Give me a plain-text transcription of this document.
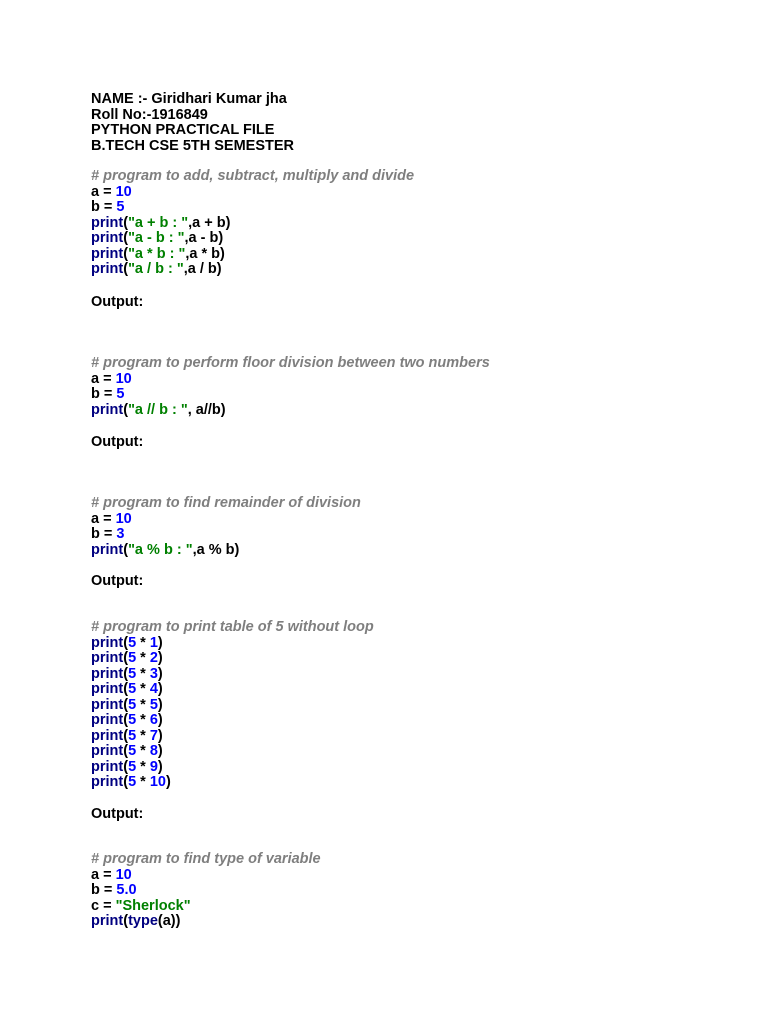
NAME :- Giridhari Kumar jha
Roll No:-1916849
PYTHON PRACTICAL FILE
B.TECH CSE 5TH SEMESTER
# program to add, subtract, multiply and divide
a = 10
b = 5
print("a + b : ",a + b)
print("a - b : ",a - b)
print("a * b : ",a * b)
print("a / b : ",a / b)
Output:
# program to perform floor division between two numbers
a = 10
b = 5
print("a // b : ", a//b)
Output:
# program to find remainder of division
a = 10
b = 3
print("a % b : ",a % b)
Output:
# program to print table of 5 without loop
print(5 * 1)
print(5 * 2)
print(5 * 3)
print(5 * 4)
print(5 * 5)
print(5 * 6)
print(5 * 7)
print(5 * 8)
print(5 * 9)
print(5 * 10)
Output:
# program to find type of variable
a = 10
b = 5.0
c = "Sherlock"
print(type(a))
